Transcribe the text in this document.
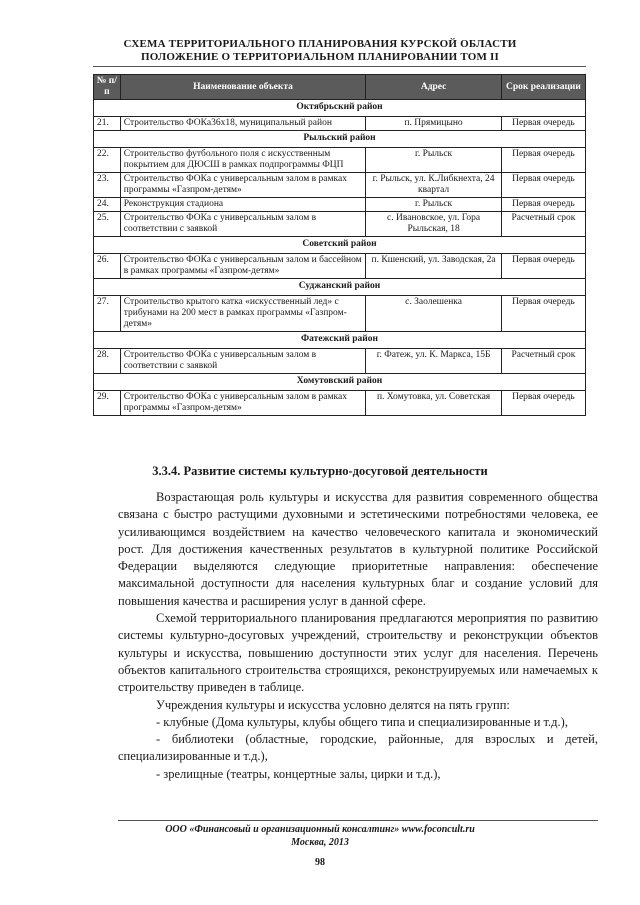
СХЕМА ТЕРРИТОРИАЛЬНОГО ПЛАНИРОВАНИЯ КУРСКОЙ ОБЛАСТИ
ПОЛОЖЕНИЕ О ТЕРРИТОРИАЛЬНОМ ПЛАНИРОВАНИИ ТОМ II
№ п/п	Наименование объекта	Адрес	Срок реализации
Октябрьский район			
21.	Строительство ФОКа36х18, муниципальный район	п. Прямицыно	Первая очередь
Рыльский район			
22.	Строительство футбольного поля с искусственным покрытием для ДЮСШ в рамках подпрограммы ФЦП	г. Рыльск	Первая очередь
23.	Строительство ФОКа с универсальным залом в рамках программы «Газпром-детям»	г. Рыльск, ул. К.Либкнехта, 24 квартал	Первая очередь
24.	Реконструкция стадиона	г. Рыльск	Первая очередь
25.	Строительство ФОКа с универсальным залом в соответствии с заявкой	с. Ивановское, ул. Гора Рыльская, 18	Расчетный срок
Советский район			
26.	Строительство ФОКа с универсальным залом и бассейном в рамках программы «Газпром-детям»	п. Кшенский, ул. Заводская, 2а	Первая очередь
Суджанский район			
27.	Строительство крытого катка «искусственный лед» с трибунами на 200 мест в рамках программы «Газпром-детям»	с. Заолешенка	Первая очередь
Фатежский район			
28.	Строительство ФОКа с универсальным залом в соответствии с заявкой	г. Фатеж, ул. К. Маркса, 15Б	Расчетный срок
Хомутовский район			
29.	Строительство ФОКа с универсальным залом в рамках программы «Газпром-детям»	п. Хомутовка, ул. Советская	Первая очередь
3.3.4. Развитие системы культурно-досуговой деятельности

Возрастающая роль культуры и искусства для развития современного общества связана с быстро растущими духовными и эстетическими потребностями человека, ее усиливающимся воздействием на качество человеческого капитала и экономический рост. Для достижения качественных результатов в культурной политике Российской Федерации выделяются следующие приоритетные направления: обеспечение максимальной доступности для населения культурных благ и создание условий для повышения качества и расширения услуг в данной сфере.

Схемой территориального планирования предлагаются мероприятия по развитию системы культурно-досуговых учреждений, строительству и реконструкции объектов культуры и искусства, повышению доступности этих услуг для населения. Перечень объектов капитального строительства строящихся, реконструируемых или намечаемых к строительству приведен в таблице.

Учреждения культуры и искусства условно делятся на пять групп:

- клубные (Дома культуры, клубы общего типа и специализированные и т.д.),

- библиотеки (областные, городские, районные, для взрослых и детей, специализированные и т.д.),

- зрелищные (театры, концертные залы, цирки и т.д.),

ООО «Финансовый и организационный консалтинг» www.foconcult.ru
Москва, 2013
98
